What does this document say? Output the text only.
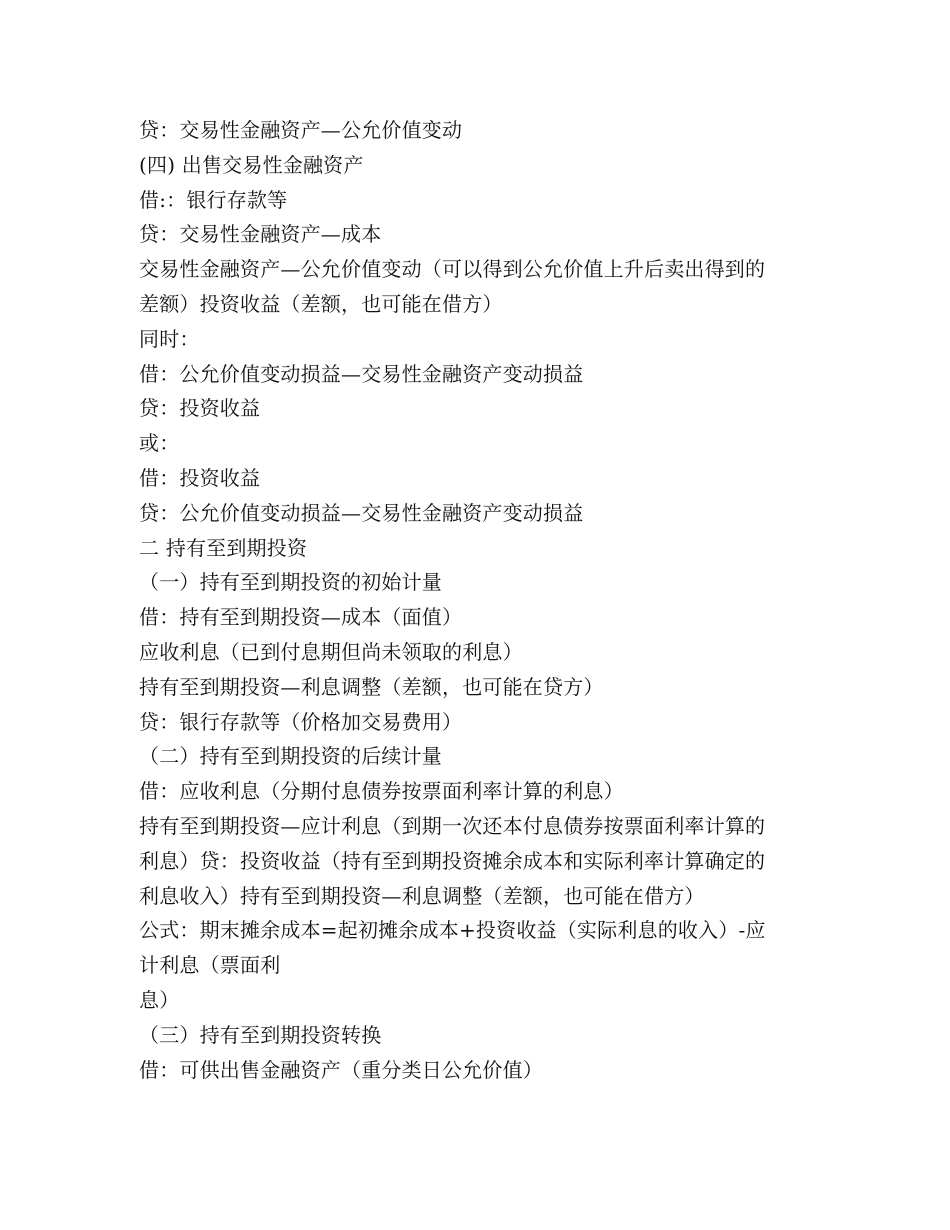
贷：交易性金融资产—公允价值变动
(四) 出售交易性金融资产
借:：银行存款等
贷：交易性金融资产—成本
交易性金融资产—公允价值变动（可以得到公允价值上升后卖出得到的
差额）投资收益（差额，也可能在借方）
同时：
借：公允价值变动损益—交易性金融资产变动损益
贷：投资收益
或：
借：投资收益
贷：公允价值变动损益—交易性金融资产变动损益
二 持有至到期投资
（一）持有至到期投资的初始计量
借：持有至到期投资—成本（面值）
应收利息（已到付息期但尚未领取的利息）
持有至到期投资—利息调整（差额，也可能在贷方）
贷：银行存款等（价格加交易费用）
（二）持有至到期投资的后续计量
借：应收利息（分期付息债券按票面利率计算的利息）
持有至到期投资—应计利息（到期一次还本付息债券按票面利率计算的
利息）贷：投资收益（持有至到期投资摊余成本和实际利率计算确定的
利息收入）持有至到期投资—利息调整（差额，也可能在借方）
公式：期末摊余成本=起初摊余成本+投资收益（实际利息的收入）-应
计利息（票面利
息）
（三）持有至到期投资转换
借：可供出售金融资产（重分类日公允价值）
